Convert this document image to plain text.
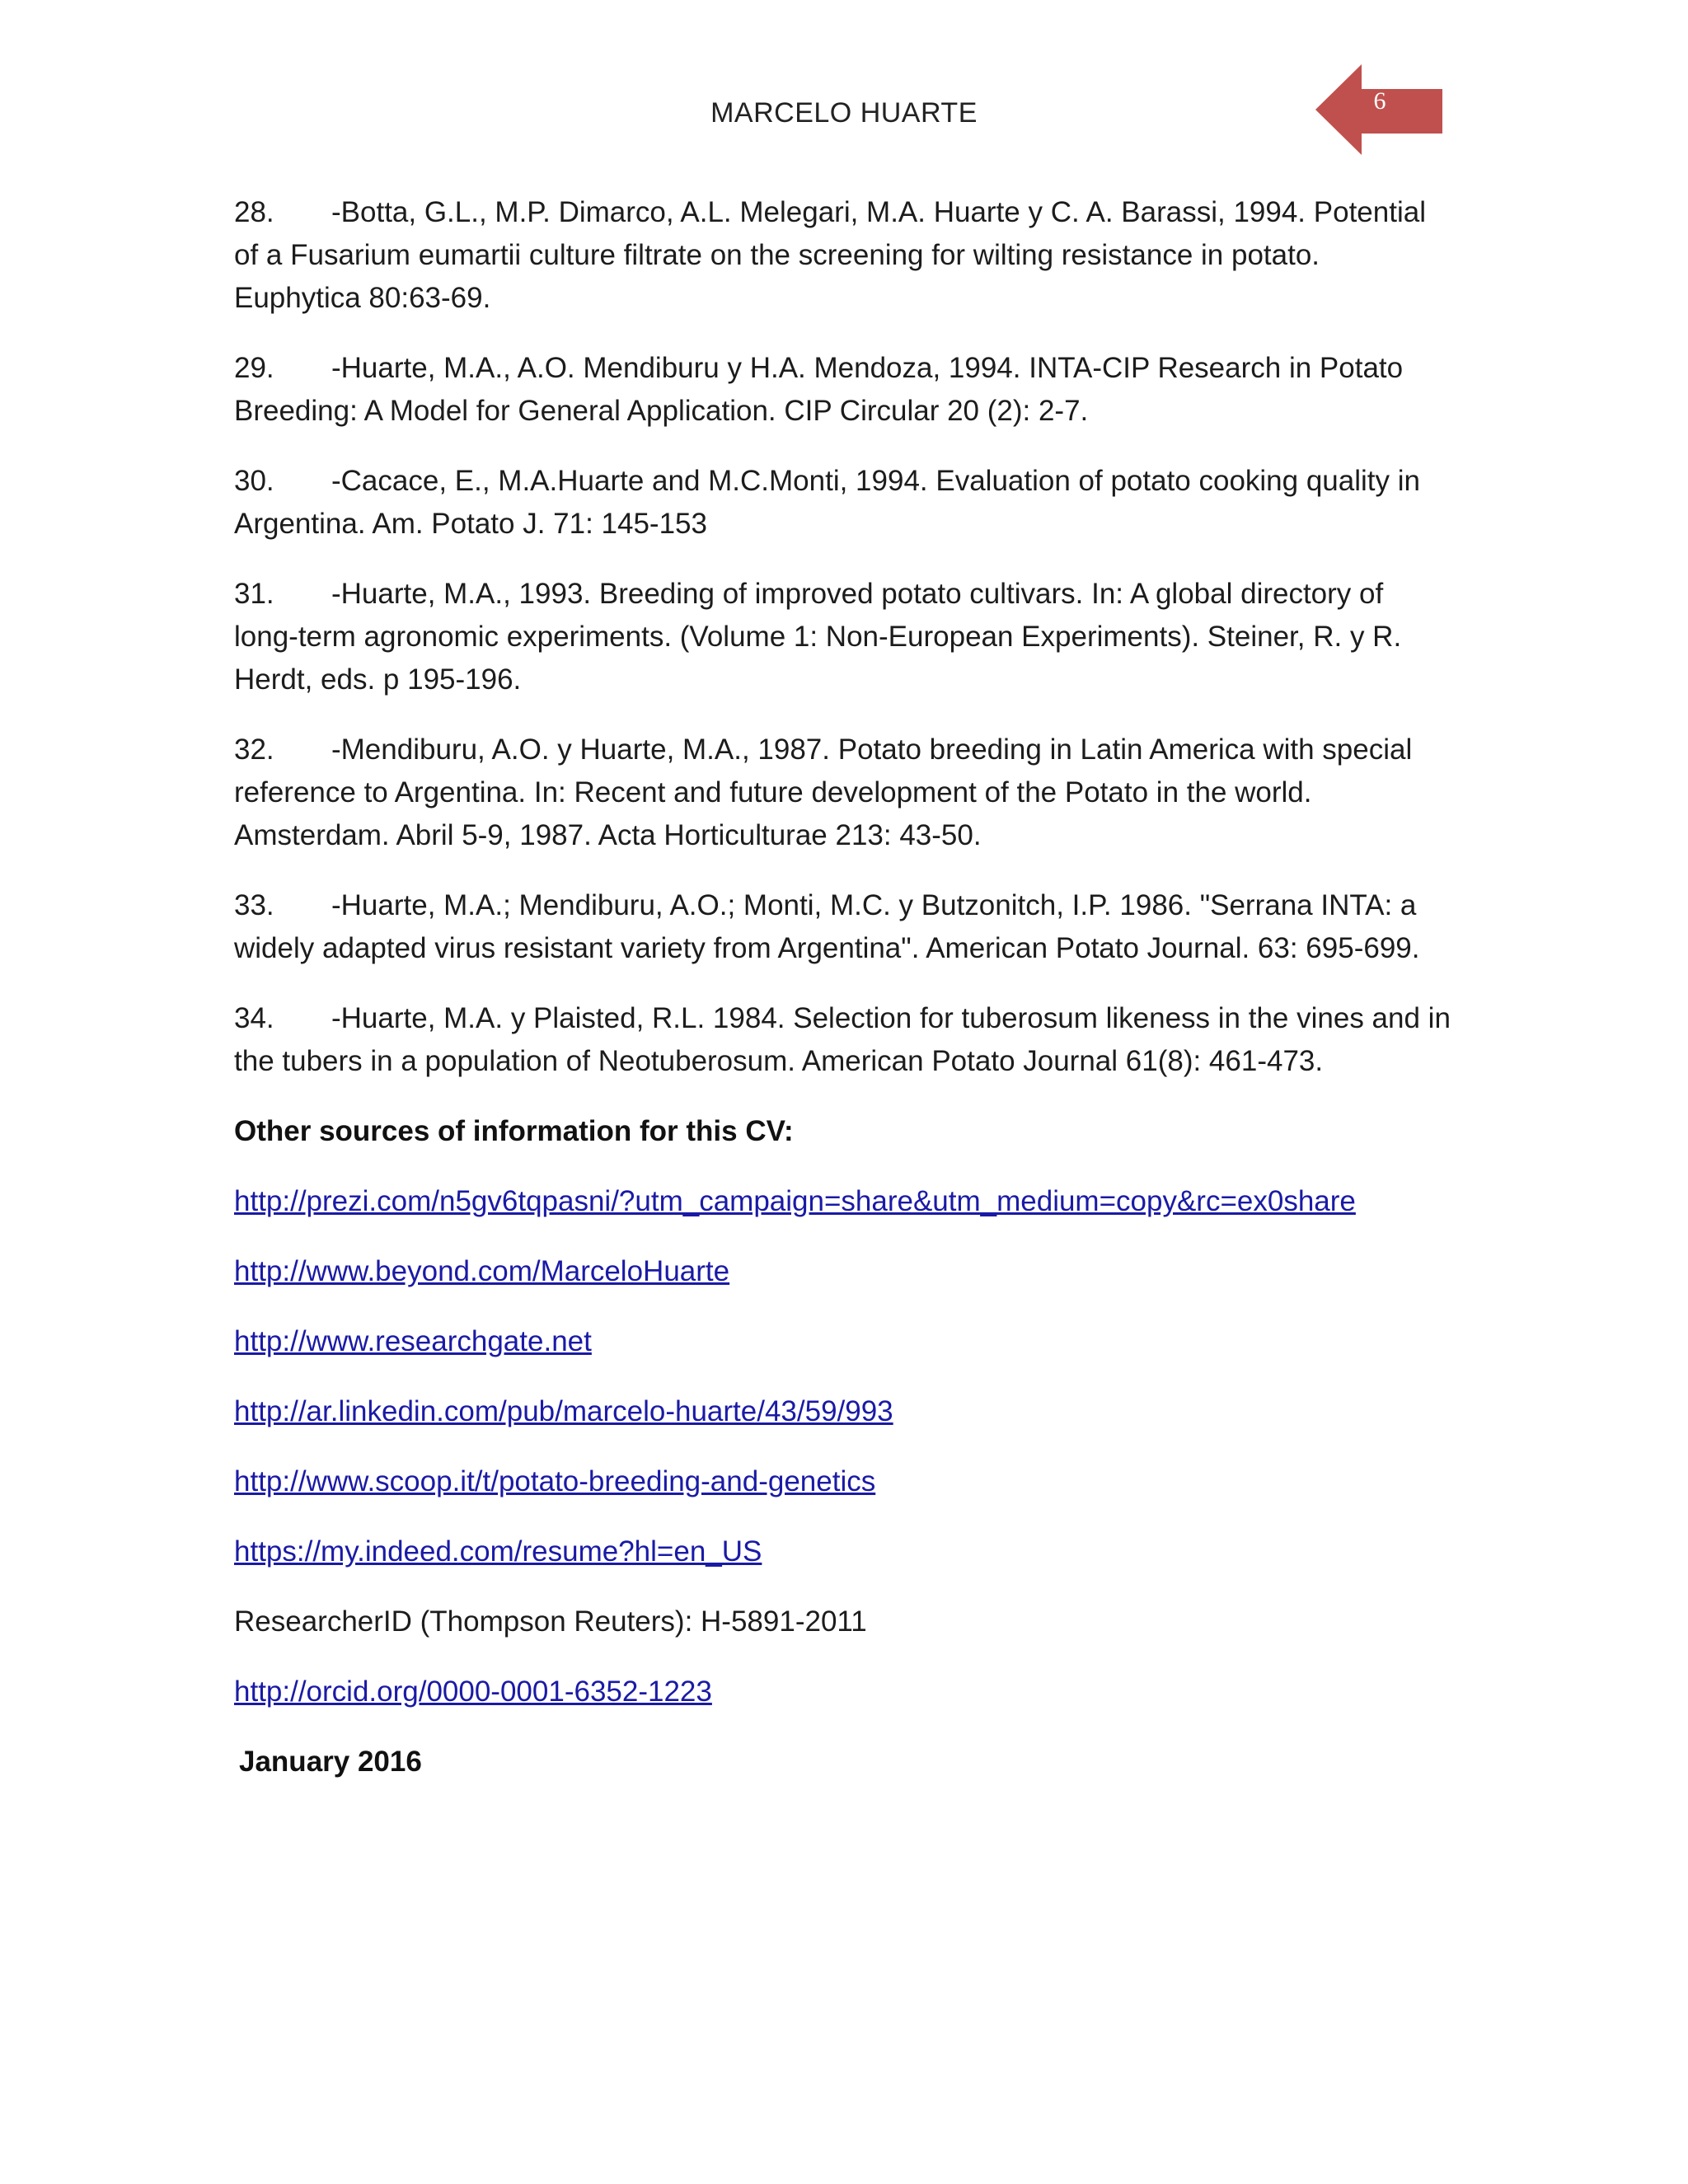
MARCELO HUARTE	6
28. -Botta, G.L., M.P. Dimarco, A.L. Melegari, M.A. Huarte y C. A. Barassi, 1994. Potential of a Fusarium eumartii culture filtrate on the screening for wilting resistance in potato. Euphytica 80:63-69.
29. -Huarte, M.A., A.O. Mendiburu y H.A. Mendoza, 1994. INTA-CIP Research in Potato Breeding: A Model for General Application. CIP Circular 20 (2): 2-7.
30. -Cacace, E., M.A.Huarte and M.C.Monti, 1994. Evaluation of potato cooking quality in Argentina. Am. Potato J. 71: 145-153
31. -Huarte, M.A., 1993. Breeding of improved potato cultivars. In: A global directory of long-term agronomic experiments. (Volume 1: Non-European Experiments). Steiner, R. y R. Herdt, eds. p 195-196.
32. -Mendiburu, A.O. y Huarte, M.A., 1987. Potato breeding in Latin America with special reference to Argentina. In: Recent and future development of the Potato in the world. Amsterdam. Abril 5-9, 1987. Acta Horticulturae 213: 43-50.
33. -Huarte, M.A.; Mendiburu, A.O.; Monti, M.C. y Butzonitch, I.P. 1986. "Serrana INTA: a widely adapted virus resistant variety from Argentina". American Potato Journal. 63: 695-699.
34. -Huarte, M.A. y Plaisted, R.L. 1984. Selection for tuberosum likeness in the vines and in the tubers in a population of Neotuberosum. American Potato Journal 61(8): 461-473.
Other sources of information for this CV:
http://prezi.com/n5gv6tqpasni/?utm_campaign=share&utm_medium=copy&rc=ex0share
http://www.beyond.com/MarceloHuarte
http://www.researchgate.net
http://ar.linkedin.com/pub/marcelo-huarte/43/59/993
http://www.scoop.it/t/potato-breeding-and-genetics
https://my.indeed.com/resume?hl=en_US
ResearcherID (Thompson Reuters): H-5891-2011
http://orcid.org/0000-0001-6352-1223
January 2016
